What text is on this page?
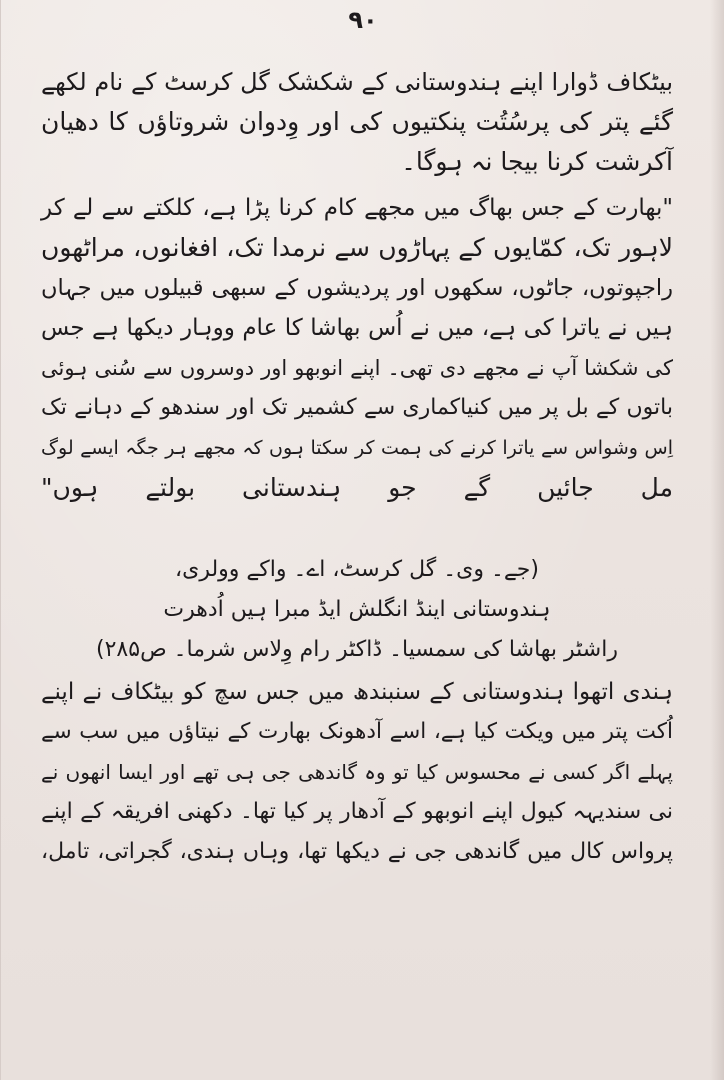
۹۰
بیٹکاف ڈوارا اپنے ہندوستانی کے شکشک گل کرسٹ کے نام لکھے
گئے پتر کی پرسُتُت پنکتیوں کی اور وِدوان شروتاؤں کا دھیان
آکرشت کرنا بیجا نہ ہوگا۔
"بھارت کے جس بھاگ میں مجھے کام کرنا پڑا ہے، کلکتے سے لے کر
لاہور تک، کمّایوں کے پہاڑوں سے نرمدا تک، افغانوں، مراٹھوں
راجپوتوں، جاٹوں، سکھوں اور پردیشوں کے سبھی قبیلوں میں جہاں
ہیں نے یاترا کی ہے، میں نے اُس بھاشا کا عام ووہار دیکھا ہے جس
کی شکشا آپ نے مجھے دی تھی۔ اپنے انوبھو اور دوسروں سے سُنی ہوئی
باتوں کے بل پر میں کنیاکماری سے کشمیر تک اور سندھو کے دہانے تک
اِس وشواس سے یاترا کرنے کی ہمت کر سکتا ہوں کہ مجھے ہر جگہ ایسے لوگ
مل جائیں گے جو ہندستانی بولتے ہوں"
(جے۔ وی۔ گل کرسٹ، اے۔ واکے وولری،
ہندوستانی اینڈ انگلش ایڈ مبرا ہیں اُدھرت
راشٹر بھاشا کی سمسیا۔ ڈاکٹر رام وِلاس شرما۔ ص۲۸۵)
ہندی اتھوا ہندوستانی کے سنبندھ میں جس سچ کو بیٹکاف نے اپنے
اُکت پتر میں ویکت کیا ہے، اسے آدھونک بھارت کے نیتاؤں میں سب سے
پہلے اگر کسی نے محسوس کیا تو وہ گاندھی جی ہی تھے اور ایسا انھوں نے
نی سندیہہ کیول اپنے انوبھو کے آدھار پر کیا تھا۔ دکھنی افریقہ کے اپنے
پرواس کال میں گاندھی جی نے دیکھا تھا، وہاں ہندی، گجراتی، تامل،
